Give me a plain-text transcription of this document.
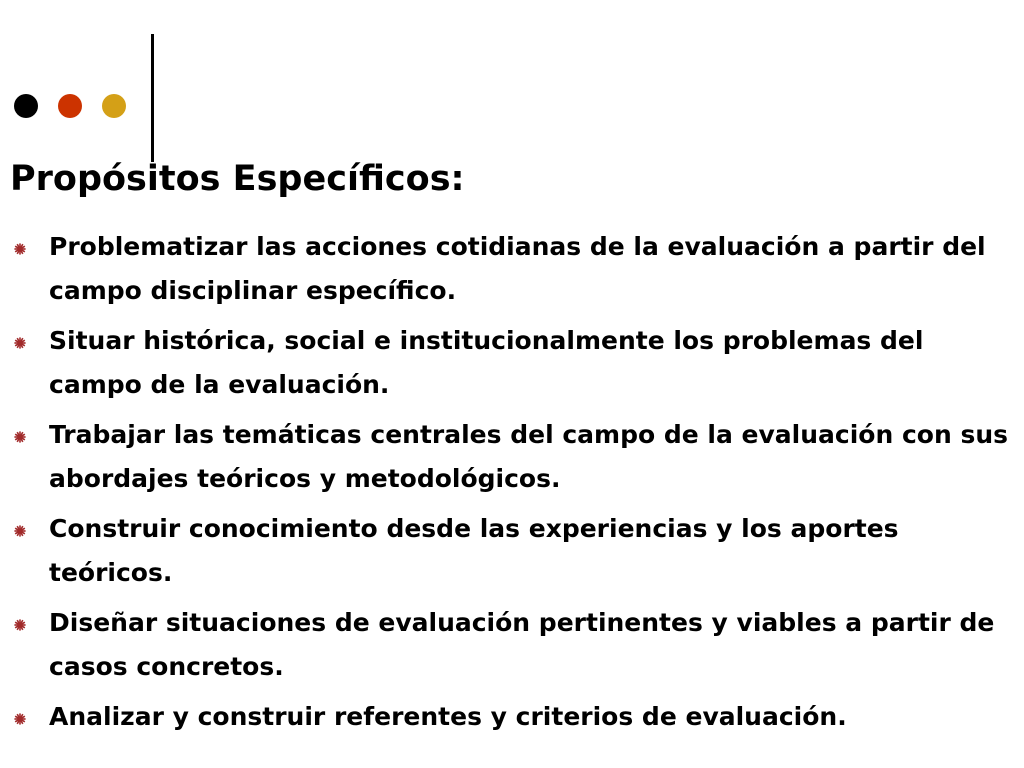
Propósitos Específicos:
Problematizar las acciones cotidianas de la evaluación a partir del campo disciplinar específico.
Situar histórica, social e institucionalmente los problemas del campo de la evaluación.
Trabajar las temáticas centrales del campo de la evaluación con sus abordajes teóricos y metodológicos.
Construir conocimiento desde las experiencias y los aportes teóricos.
Diseñar situaciones de evaluación pertinentes y viables a partir de casos concretos.
Analizar y construir referentes y criterios de evaluación.
